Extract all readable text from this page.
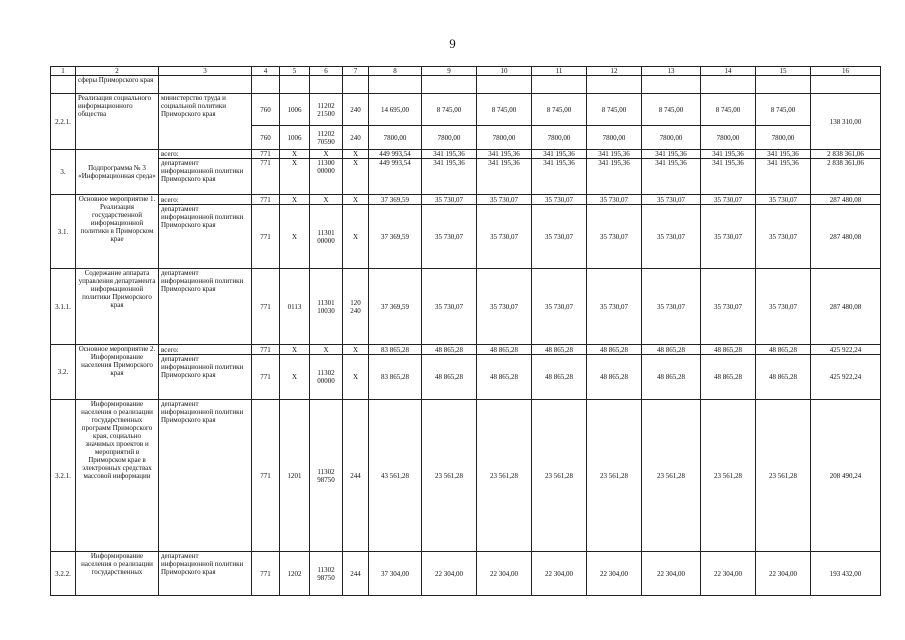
9
1	2	3	4	5	6	7	8	9	10	11	12	13	14	15	16
	сферы Приморского края														
2.2.1.	Реализация социального информационного общества	министерство труда и социальной политики Приморского края	760	1006	11202 21500	240	14 695,00	8 745,00	8 745,00	8 745,00	8 745,00	8 745,00	8 745,00	8 745,00	138 310,00
			760	1006	11202 70590	240	7800,00	7800,00	7800,00	7800,00	7800,00	7800,00	7800,00	7800,00	
3.	Подпрограмма № 3 «Информационная среда»	всего:	771	X	X	X	449 993,54	341 195,36	341 195,36	341 195,36	341 195,36	341 195,36	341 195,36	341 195,36	2 838 361,06
		департамент информационной политики Приморского края	771	X	11300 00000	X	449 993,54	341 195,36	341 195,36	341 195,36	341 195,36	341 195,36	341 195,36	341 195,36	2 838 361,06
3.1.	Основное мероприятие 1. Реализация государственной информационной политики в Приморском крае	всего:	771	X	X	X	37 369,59	35 730,07	35 730,07	35 730,07	35 730,07	35 730,07	35 730,07	35 730,07	287 480,08
		департамент информационной политики Приморского края	771	X	11301 00000	X	37 369,59	35 730,07	35 730,07	35 730,07	35 730,07	35 730,07	35 730,07	35 730,07	287 480,08
3.1.1.	Содержание аппарата управления департамента информационной политики Приморского края	департамент информационной политики Приморского края	771	0113	11301 10030	120 240	37 369,59	35 730,07	35 730,07	35 730,07	35 730,07	35 730,07	35 730,07	35 730,07	287 480,08
3.2.	Основное мероприятие 2. Информирование населения Приморского края	всего:	771	X	X	X	83 865,28	48 865,28	48 865,28	48 865,28	48 865,28	48 865,28	48 865,28	48 865,28	425 922,24
		департамент информационной политики Приморского края	771	X	11302 00000	X	83 865,28	48 865,28	48 865,28	48 865,28	48 865,28	48 865,28	48 865,28	48 865,28	425 922,24
3.2.1.	Информирование населения о реализации государственных программ Приморского края, социально значимых проектов и мероприятий в Приморском крае в электронных средствах массовой информации	департамент информационной политики Приморского края	771	1201	11302 98750	244	43 561,28	23 561,28	23 561,28	23 561,28	23 561,28	23 561,28	23 561,28	23 561,28	208 490,24
3.2.2.	Информирование населения о реализации государственных	департамент информационной политики Приморского края	771	1202	11302 98750	244	37 304,00	22 304,00	22 304,00	22 304,00	22 304,00	22 304,00	22 304,00	22 304,00	193 432,00
